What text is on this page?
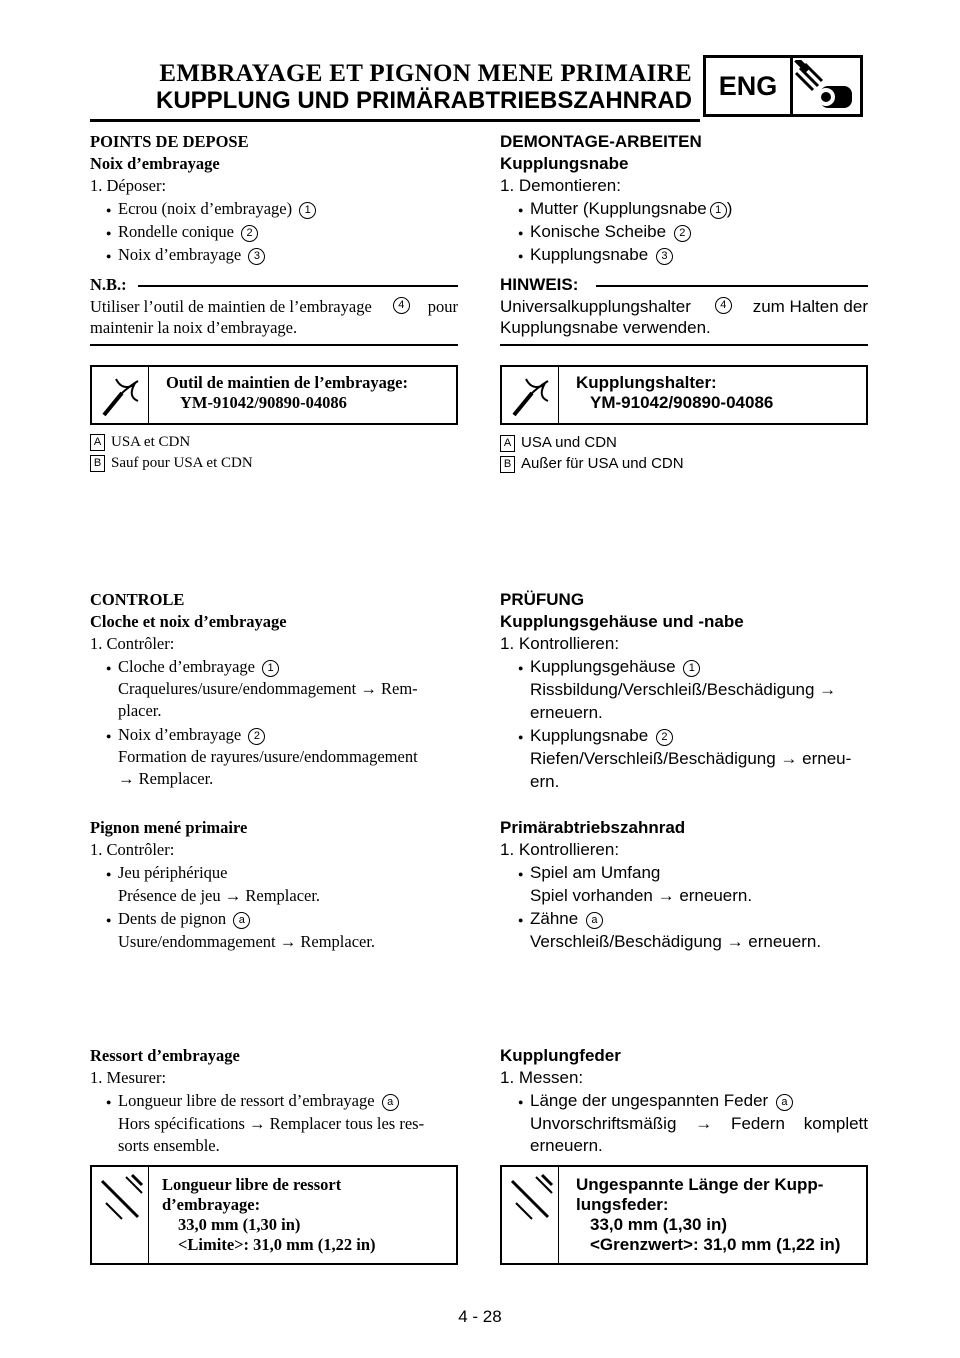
EMBRAYAGE ET PIGNON MENE PRIMAIRE
KUPPLUNG UND PRIMÄRABTRIEBSZAHNRAD ENG
POINTS DE DEPOSE
Noix d’embrayage
1. Déposer:
● Ecrou (noix d’embrayage) 1
● Rondelle conique 2
● Noix d’embrayage 3
N.B.:
Utiliser l’outil de maintien de l’embrayage	4	pour
maintenir la noix d’embrayage.
Outil de maintien de l’embrayage:
YM-91042/90890-04086
A USA et CDN
B Sauf pour USA et CDN
CONTROLE
Cloche et noix d’embrayage
1. Contrôler:
● Cloche d’embrayage 1
Craquelures/usure/endommagement → Rem-
placer.
● Noix d’embrayage 2
Formation de rayures/usure/endommagement
→ Remplacer.
Pignon mené primaire
1. Contrôler:
● Jeu périphérique
Présence de jeu → Remplacer.
● Dents de pignon a
Usure/endommagement → Remplacer.
Ressort d’embrayage
1. Mesurer:
● Longueur libre de ressort d’embrayage a
Hors spécifications → Remplacer tous les res-
sorts ensemble.
Longueur libre de ressort
d’embrayage:
33,0 mm (1,30 in)
<Limite>: 31,0 mm (1,22 in)
DEMONTAGE-ARBEITEN
Kupplungsnabe
1. Demontieren:
● Mutter (Kupplungsnabe 1 )
● Konische Scheibe 2
● Kupplungsnabe 3
HINWEIS:
Universalkupplungshalter	4	zum Halten der
Kupplungsnabe verwenden.
Kupplungshalter:
YM-91042/90890-04086
A USA und CDN
B Außer für USA und CDN
PRÜFUNG
Kupplungsgehäuse und -nabe
1. Kontrollieren:
● Kupplungsgehäuse 1
Rissbildung/Verschleiß/Beschädigung →
erneuern.
● Kupplungsnabe 2
Riefen/Verschleiß/Beschädigung → erneu-
ern.
Primärabtriebszahnrad
1. Kontrollieren:
● Spiel am Umfang
Spiel vorhanden → erneuern.
● Zähne a
Verschleiß/Beschädigung → erneuern.
Kupplungfeder
1. Messen:
● Länge der ungespannten Feder a
Unvorschriftsmäßig → Federn komplett
erneuern.
Ungespannte Länge der Kupp-
lungsfeder:
33,0 mm (1,30 in)
<Grenzwert>: 31,0 mm (1,22 in)
4 - 28
